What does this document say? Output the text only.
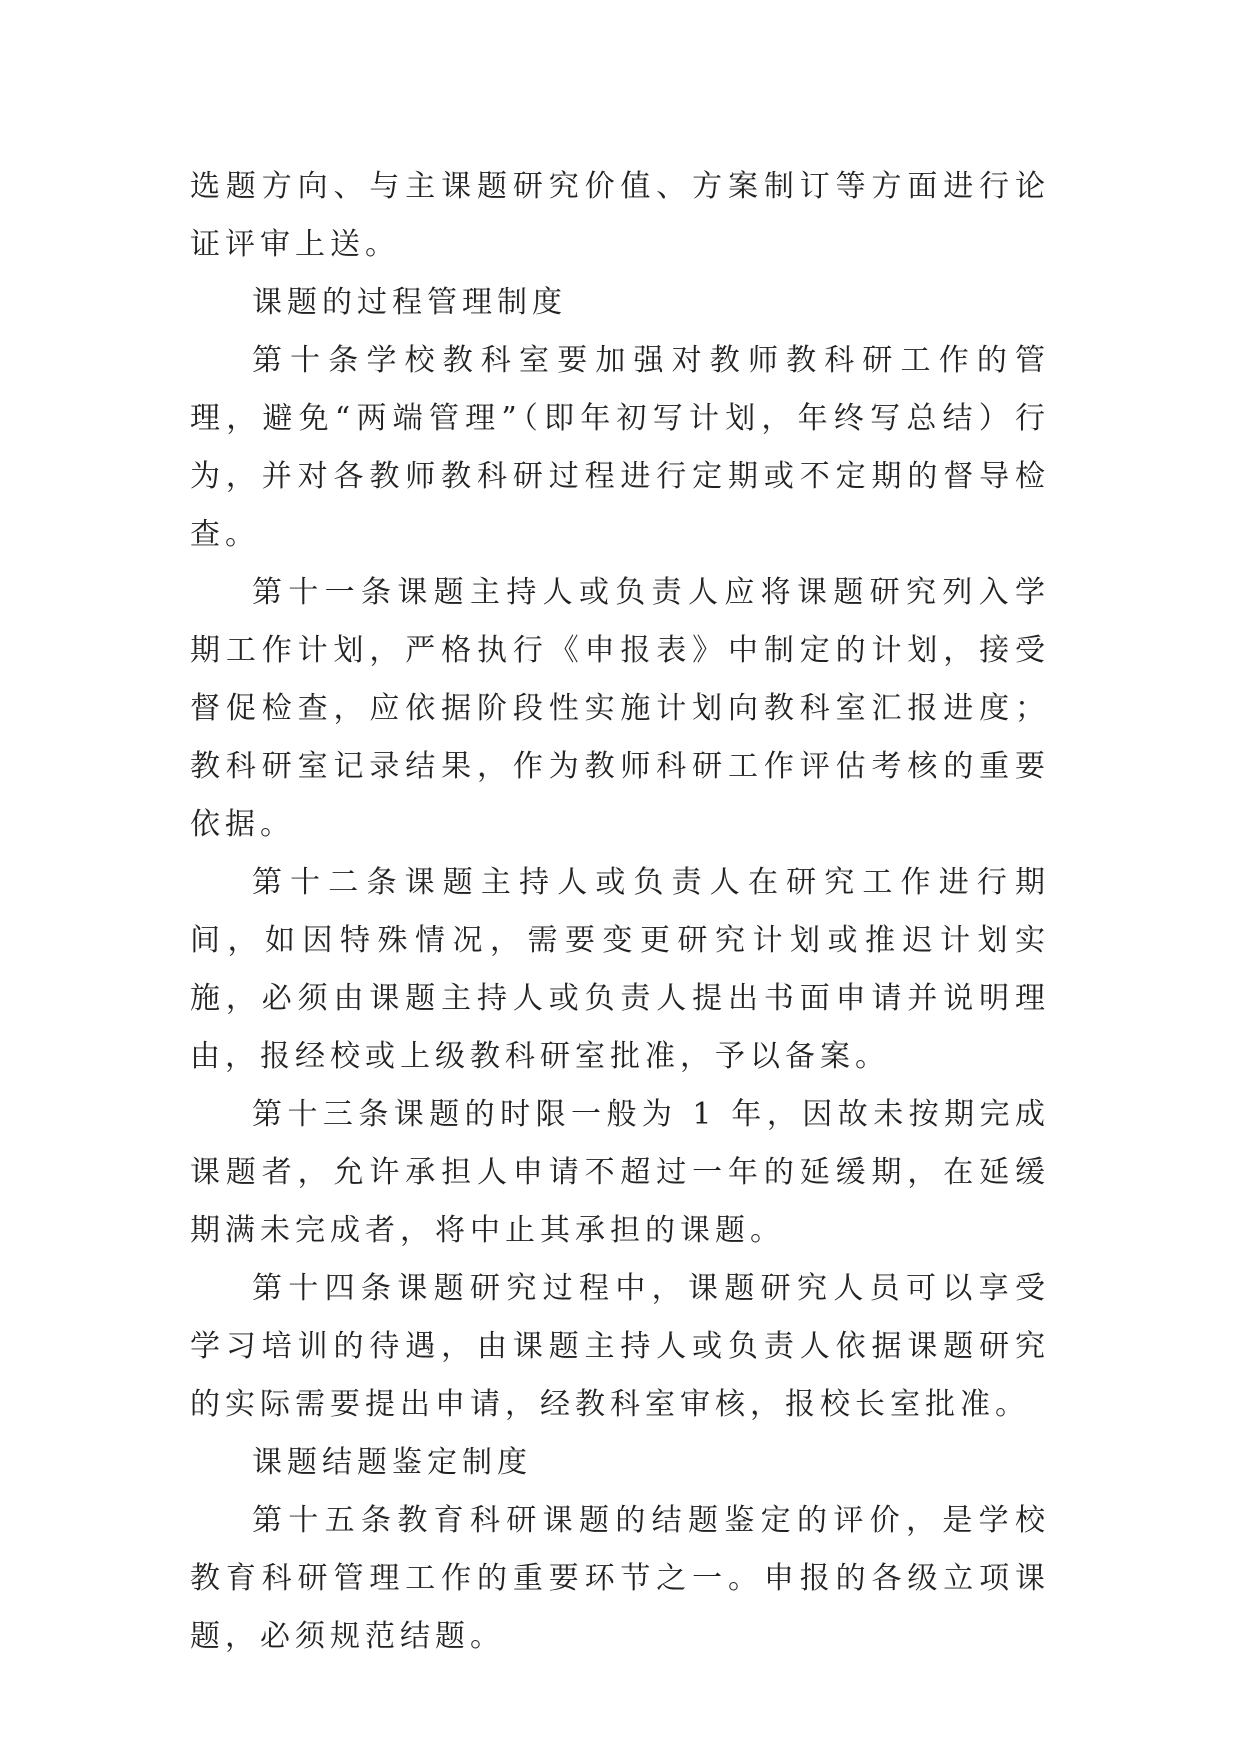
选题方向、与主课题研究价值、方案制订等方面进行论证评审上送。

课题的过程管理制度

第十条学校教科室要加强对教师教科研工作的管理，避免“两端管理”（即年初写计划，年终写总结）行为，并对各教师教科研过程进行定期或不定期的督导检查。

第十一条课题主持人或负责人应将课题研究列入学期工作计划，严格执行《申报表》中制定的计划，接受督促检查，应依据阶段性实施计划向教科室汇报进度；教科研室记录结果，作为教师科研工作评估考核的重要依据。

第十二条课题主持人或负责人在研究工作进行期间，如因特殊情况，需要变更研究计划或推迟计划实施，必须由课题主持人或负责人提出书面申请并说明理由，报经校或上级教科研室批准，予以备案。

第十三条课题的时限一般为 1 年，因故未按期完成课题者，允许承担人申请不超过一年的延缓期，在延缓期满未完成者，将中止其承担的课题。

第十四条课题研究过程中，课题研究人员可以享受学习培训的待遇，由课题主持人或负责人依据课题研究的实际需要提出申请，经教科室审核，报校长室批准。

课题结题鉴定制度

第十五条教育科研课题的结题鉴定的评价，是学校教育科研管理工作的重要环节之一。申报的各级立项课题，必须规范结题。
